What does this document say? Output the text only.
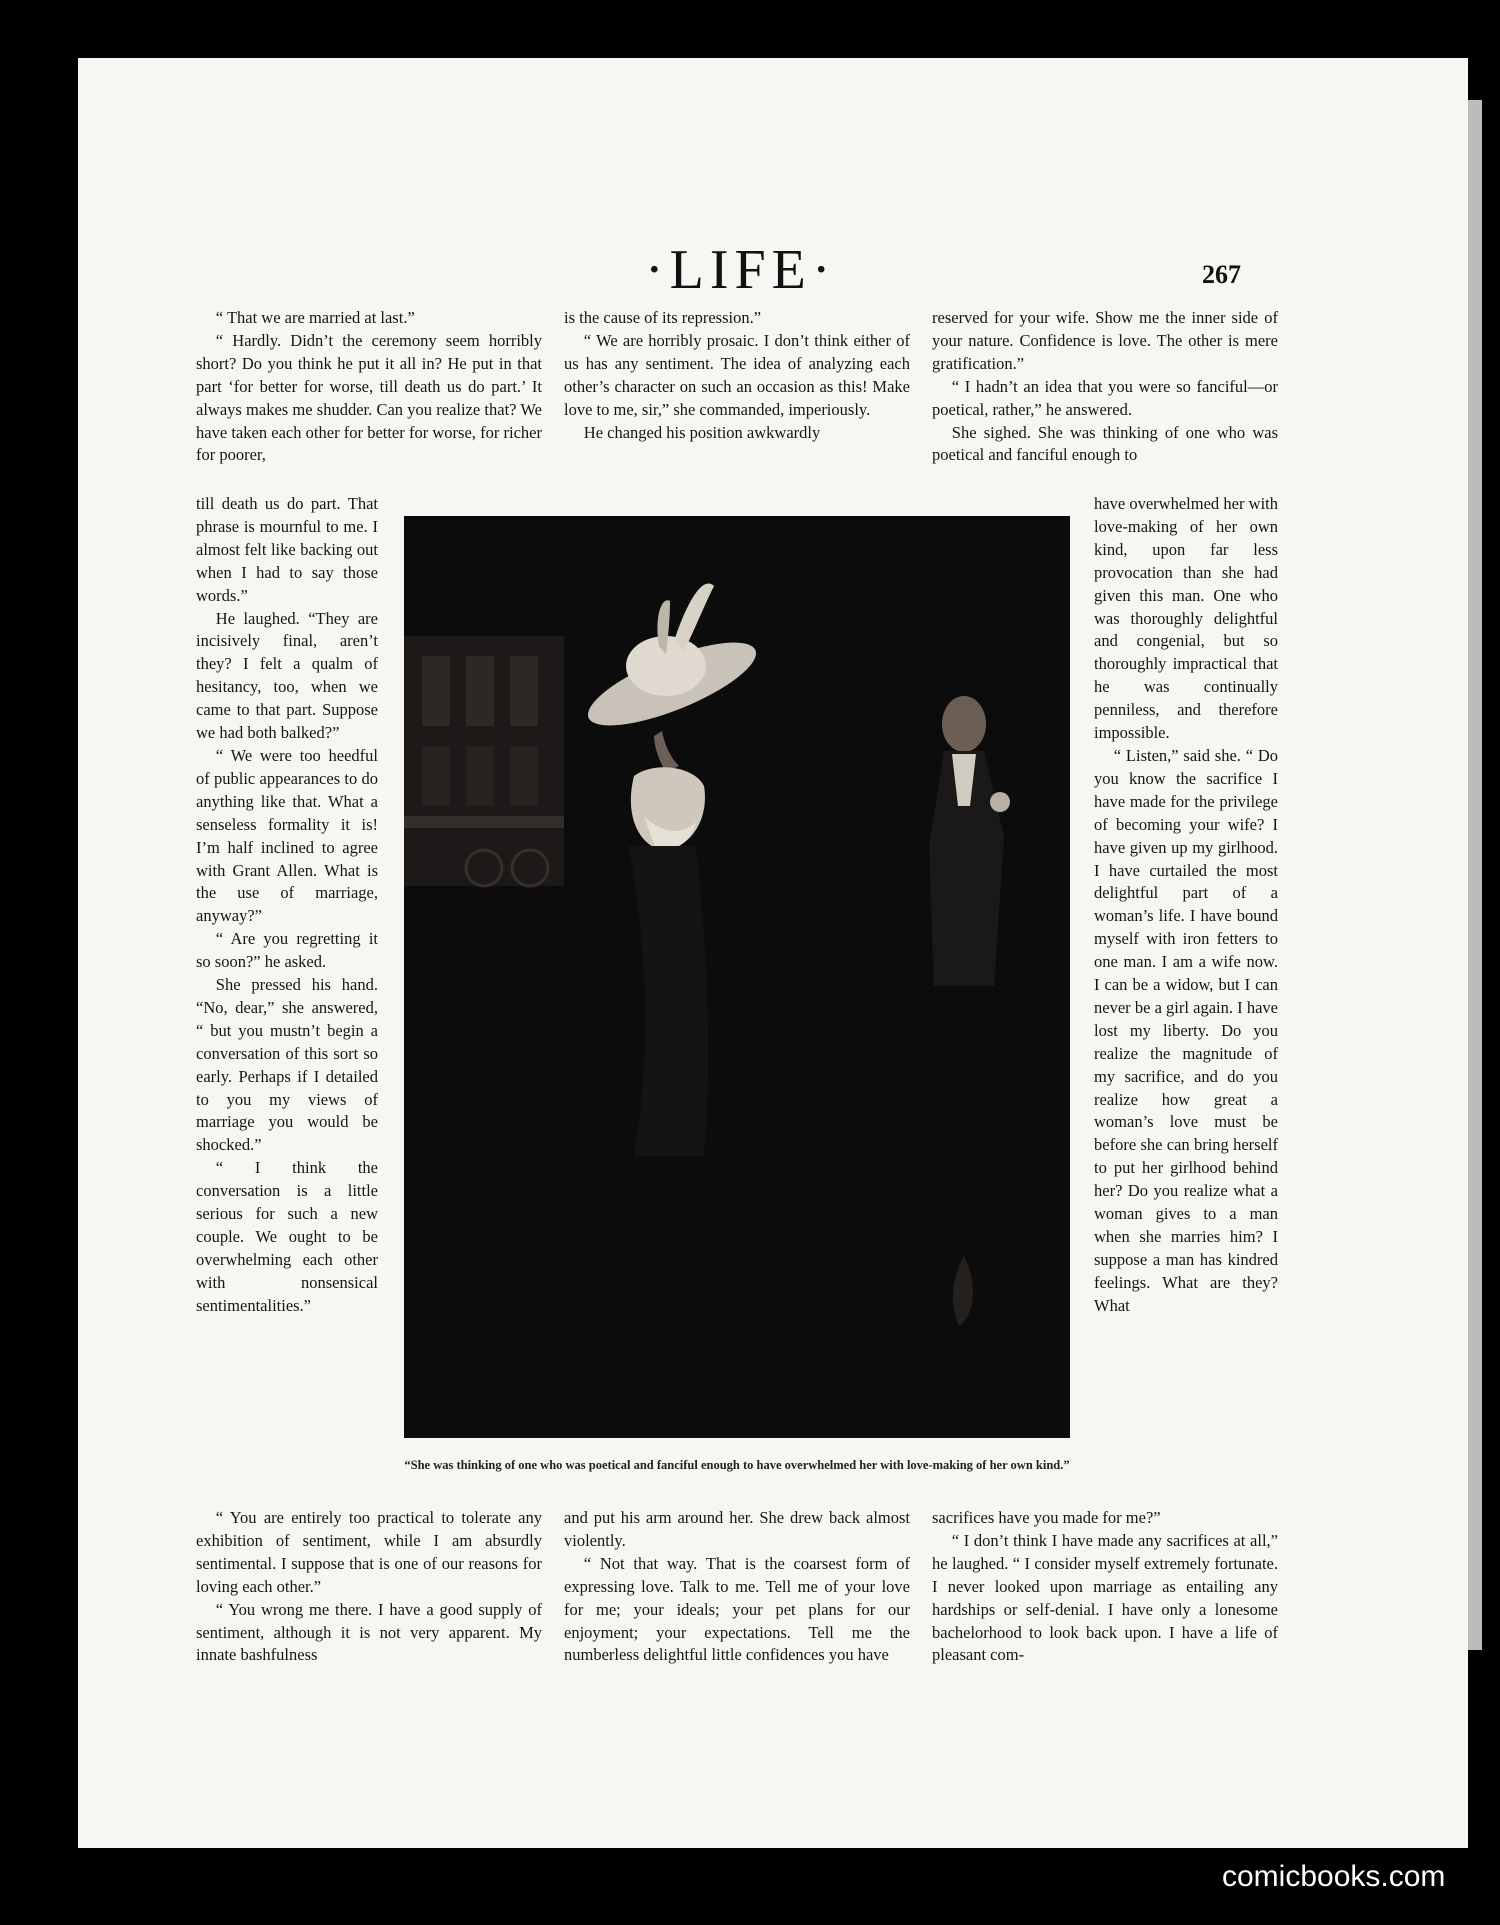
·LIFE·	267

“ That we are married at last.”

“ Hardly. Didn’t the ceremony seem horribly short? Do you think he put it all in? He put in that part ‘for better for worse, till death us do part.’ It always makes me shudder. Can you realize that? We have taken each other for better for worse, for richer for poorer,

till death us do part. That phrase is mournful to me. I almost felt like backing out when I had to say those words.”

He laughed. “They are incisively final, aren’t they? I felt a qualm of hesitancy, too, when we came to that part. Suppose we had both balked?”

“ We were too heedful of public appearances to do anything like that. What a senseless formality it is! I’m half inclined to agree with Grant Allen. What is the use of marriage, anyway?”

“ Are you regretting it so soon?” he asked.

She pressed his hand. “No, dear,” she answered, “ but you mustn’t begin a conversation of this sort so early. Perhaps if I detailed to you my views of marriage you would be shocked.”

“ I think the conversation is a little serious for such a new couple. We ought to be overwhelming each other with nonsensical sentimentalities.”

“ You are entirely too practical to tolerate any exhibition of sentiment, while I am absurdly sentimental. I suppose that is one of our reasons for loving each other.”

“ You wrong me there. I have a good supply of sentiment, although it is not very apparent. My innate bashfulness

is the cause of its repression.”

“ We are horribly prosaic. I don’t think either of us has any sentiment. The idea of analyzing each other’s character on such an occasion as this! Make love to me, sir,” she commanded, imperiously.

He changed his position awkwardly

and put his arm around her. She drew back almost violently.

“ Not that way. That is the coarsest form of expressing love. Talk to me. Tell me of your love for me; your ideals; your pet plans for our enjoyment; your expectations. Tell me the numberless delightful little confidences you have

reserved for your wife. Show me the inner side of your nature. Confidence is love. The other is mere gratification.”

“ I hadn’t an idea that you were so fanciful—or poetical, rather,” he answered.

She sighed. She was thinking of one who was poetical and fanciful enough to

have overwhelmed her with love-making of her own kind, upon far less provocation than she had given this man. One who was thoroughly delightful and congenial, but so thoroughly impractical that he was continually penniless, and therefore impossible.

“ Listen,” said she. “ Do you know the sacrifice I have made for the privilege of becoming your wife? I have given up my girlhood. I have curtailed the most delightful part of a woman’s life. I have bound myself with iron fetters to one man. I am a wife now. I can be a widow, but I can never be a girl again. I have lost my liberty. Do you realize the magnitude of my sacrifice, and do you realize how great a woman’s love must be before she can bring herself to put her girlhood behind her? Do you realize what a woman gives to a man when she marries him? I suppose a man has kindred feelings. What are they? What

sacrifices have you made for me?”

“ I don’t think I have made any sacrifices at all,” he laughed. “ I consider myself extremely fortunate. I never looked upon marriage as entailing any hardships or self-denial. I have only a lonesome bachelorhood to look back upon. I have a life of pleasant com-

“She was thinking of one who was poetical and fanciful enough to have overwhelmed her with love-making of her own kind.”
comicbooks.com
